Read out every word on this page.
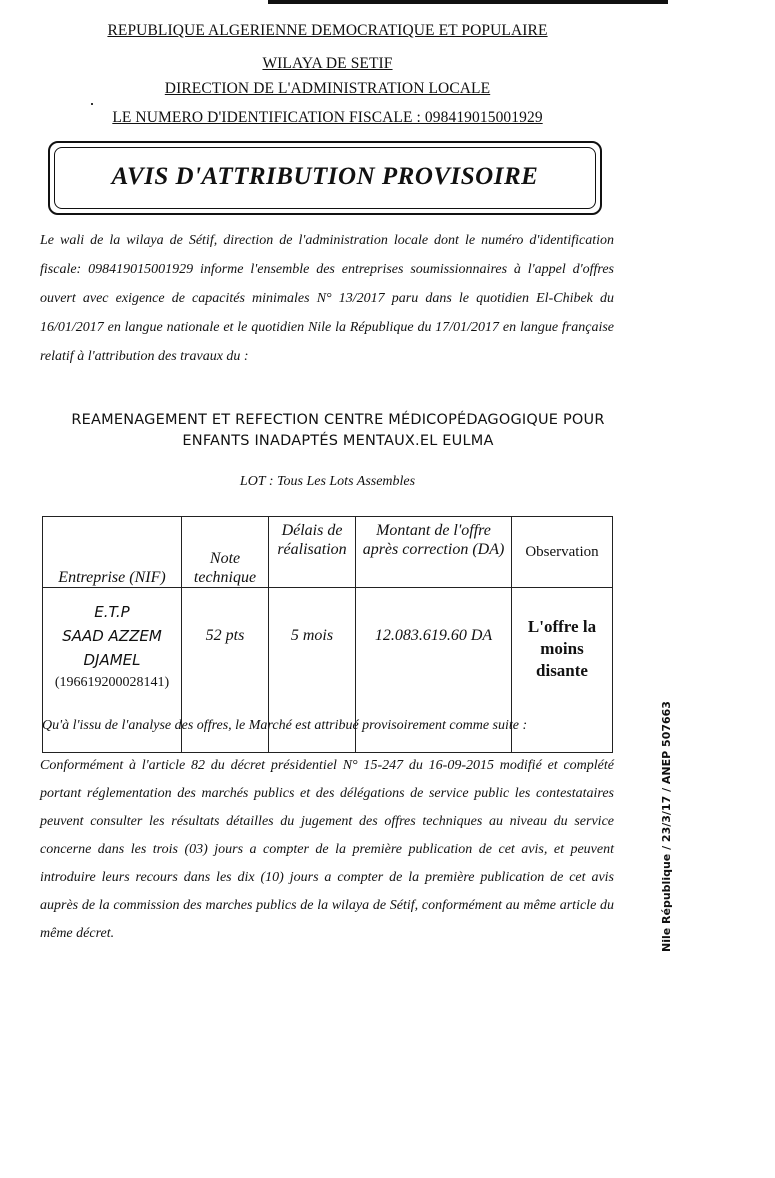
REPUBLIQUE ALGERIENNE DEMOCRATIQUE ET POPULAIRE
WILAYA DE SETIF
DIRECTION DE L'ADMINISTRATION LOCALE
LE NUMERO D'IDENTIFICATION FISCALE : 098419015001929
AVIS D'ATTRIBUTION PROVISOIRE
Le wali de la wilaya de Sétif, direction de l'administration locale dont le numéro d'identification fiscale: 098419015001929 informe l'ensemble des entreprises soumissionnaires à l'appel d'offres ouvert avec exigence de capacités minimales N° 13/2017 paru dans le quotidien El-Chibek du 16/01/2017 en langue nationale et le quotidien Nile la République du 17/01/2017 en langue française relatif à l'attribution des travaux du :
REAMENAGEMENT ET REFECTION CENTRE MÉDICOPÉDAGOGIQUE POUR
ENFANTS INADAPTÉS MENTAUX.EL EULMA
LOT : Tous Les Lots Assembles
Entreprise (NIF)	Note technique	Délais de réalisation	Montant de l'offre après correction (DA)	Observation

E.T.P
SAAD AZZEM
DJAMEL
(196619200028141)	52 pts	5 mois	12.083.619.60 DA	L'offre la moins disante
Qu'à l'issu de l'analyse des offres, le Marché est attribué provisoirement comme suite :
Conformément à l'article 82 du décret présidentiel N° 15-247 du 16-09-2015 modifié et complété portant réglementation des marchés publics et des délégations de service public les contestataires peuvent consulter les résultats détailles du jugement des offres techniques au niveau du service concerne dans les trois (03) jours a compter de la première publication de cet avis, et peuvent introduire leurs recours dans les dix (10) jours a compter de la première publication de cet avis auprès de la commission des marches publics de la wilaya de Sétif, conformément au même article du même décret.	Nile République / 23/3/17 / ANEP 507663
